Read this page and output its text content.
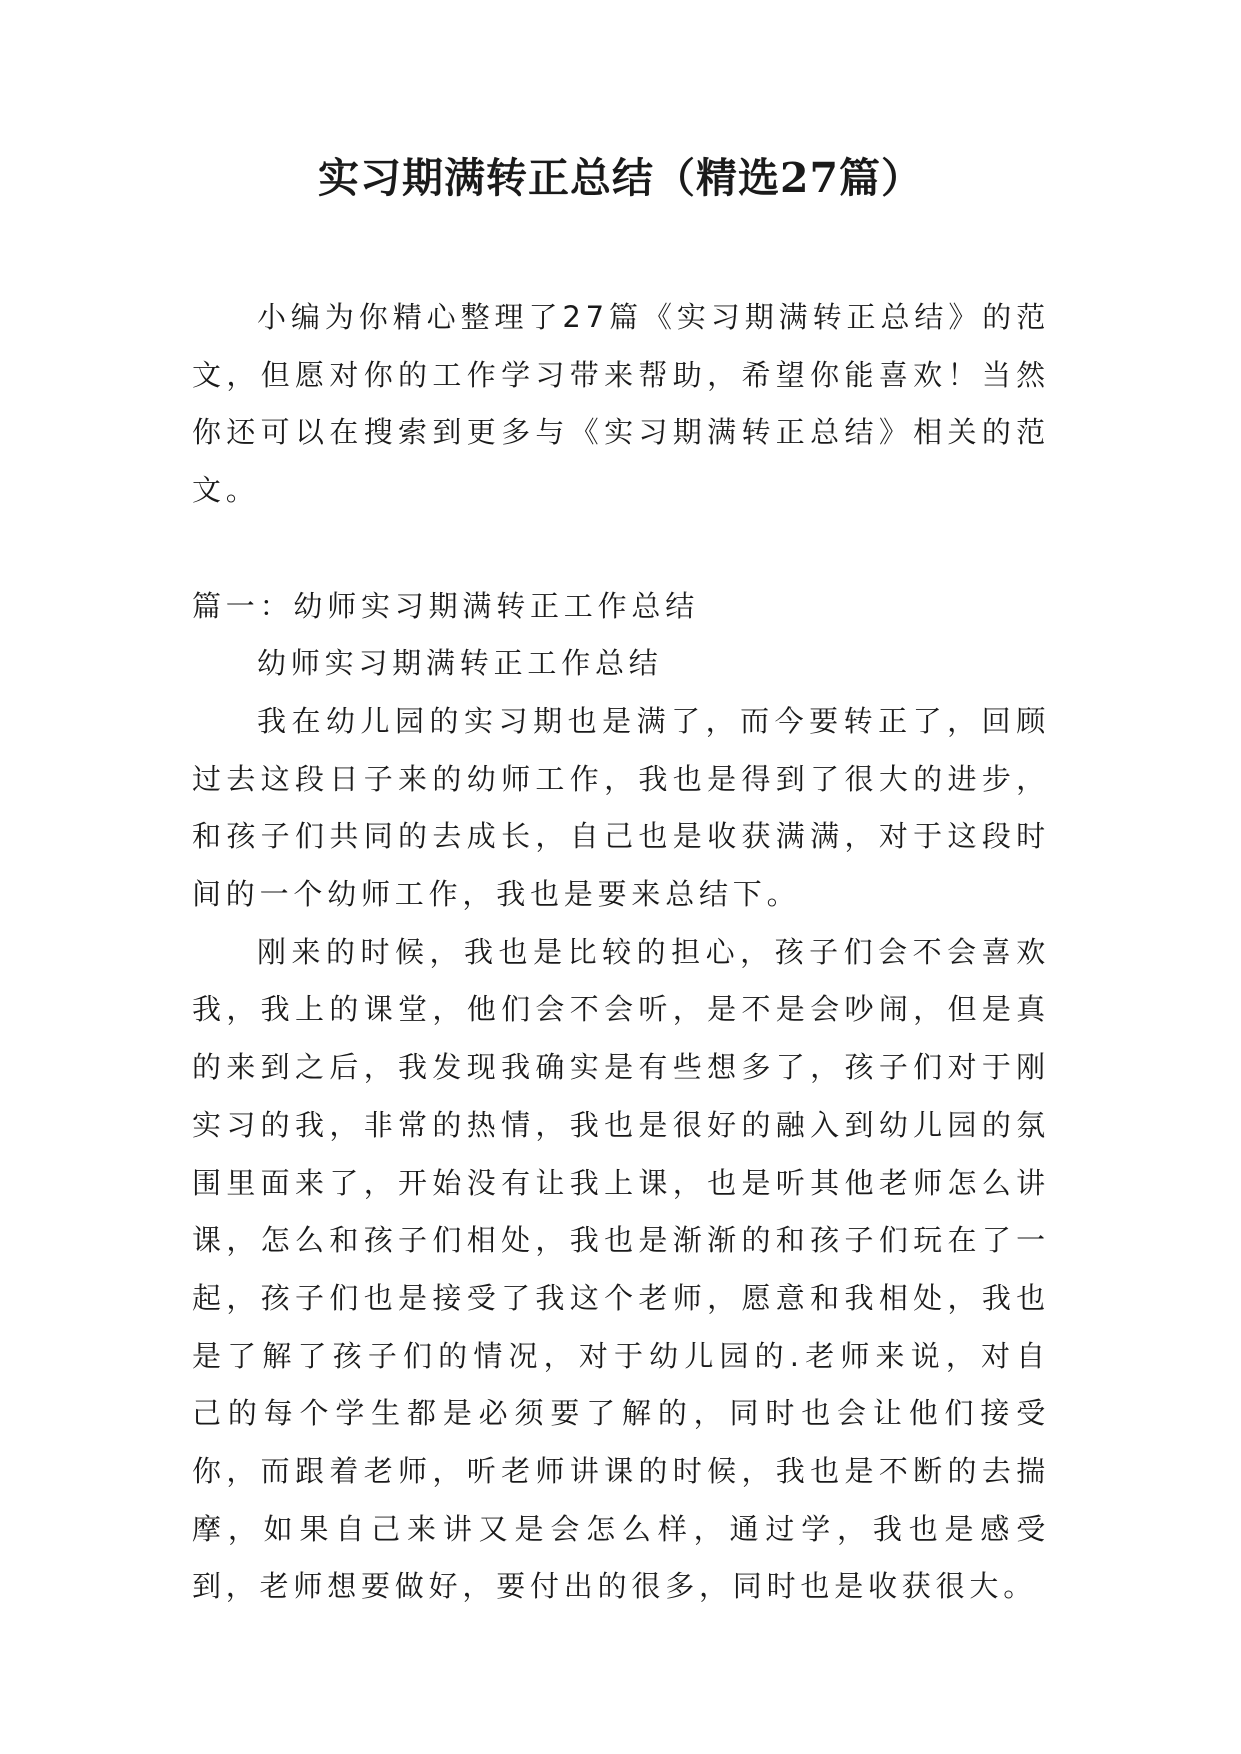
实习期满转正总结（精选27篇）

小编为你精心整理了27篇《实习期满转正总结》的范文，但愿对你的工作学习带来帮助，希望你能喜欢！当然你还可以在搜索到更多与《实习期满转正总结》相关的范文。

篇一：幼师实习期满转正工作总结

幼师实习期满转正工作总结

我在幼儿园的实习期也是满了，而今要转正了，回顾过去这段日子来的幼师工作，我也是得到了很大的进步，和孩子们共同的去成长，自己也是收获满满，对于这段时间的一个幼师工作，我也是要来总结下。

刚来的时候，我也是比较的担心，孩子们会不会喜欢我，我上的课堂，他们会不会听，是不是会吵闹，但是真的来到之后，我发现我确实是有些想多了，孩子们对于刚实习的我，非常的热情，我也是很好的融入到幼儿园的氛围里面来了，开始没有让我上课，也是听其他老师怎么讲课，怎么和孩子们相处，我也是渐渐的和孩子们玩在了一起，孩子们也是接受了我这个老师，愿意和我相处，我也是了解了孩子们的情况，对于幼儿园的.老师来说，对自己的每个学生都是必须要了解的，同时也会让他们接受你，而跟着老师，听老师讲课的时候，我也是不断的去揣摩，如果自己来讲又是会怎么样，通过学，我也是感受到，老师想要做好，要付出的很多，同时也是收获很大。
